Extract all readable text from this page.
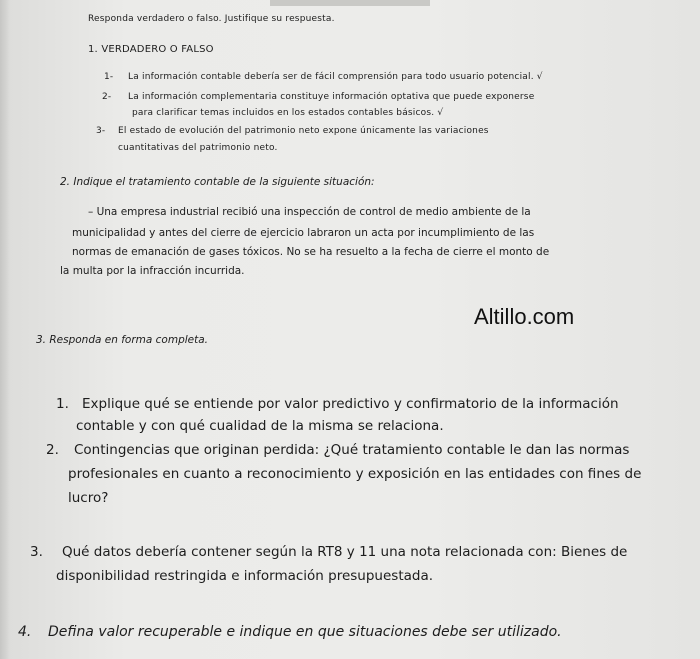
Responda verdadero o falso. Justifique su respuesta.
1. VERDADERO O FALSO
1- La información contable debería ser de fácil comprensión para todo usuario potencial. √
2- La información complementaria constituye información optativa que puede exponerse
para clarificar temas incluidos en los estados contables básicos. √
3- El estado de evolución del patrimonio neto expone únicamente las variaciones
cuantitativas del patrimonio neto.
2. Indique el tratamiento contable de la siguiente situación:
– Una empresa industrial recibió una inspección de control de medio ambiente de la
municipalidad y antes del cierre de ejercicio labraron un acta por incumplimiento de las
normas de emanación de gases tóxicos. No se ha resuelto a la fecha de cierre el monto de
la multa por la infracción incurrida.
Altillo.com
3. Responda en forma completa.
1. Explique qué se entiende por valor predictivo y confirmatorio de la información
contable y con qué cualidad de la misma se relaciona.
2. Contingencias que originan perdida: ¿Qué tratamiento contable le dan las normas
profesionales en cuanto a reconocimiento y exposición en las entidades con fines de
lucro?
3. Qué datos debería contener según la RT8 y 11 una nota relacionada con: Bienes de
disponibilidad restringida e información presupuestada.
4. Defina valor recuperable e indique en que situaciones debe ser utilizado.
